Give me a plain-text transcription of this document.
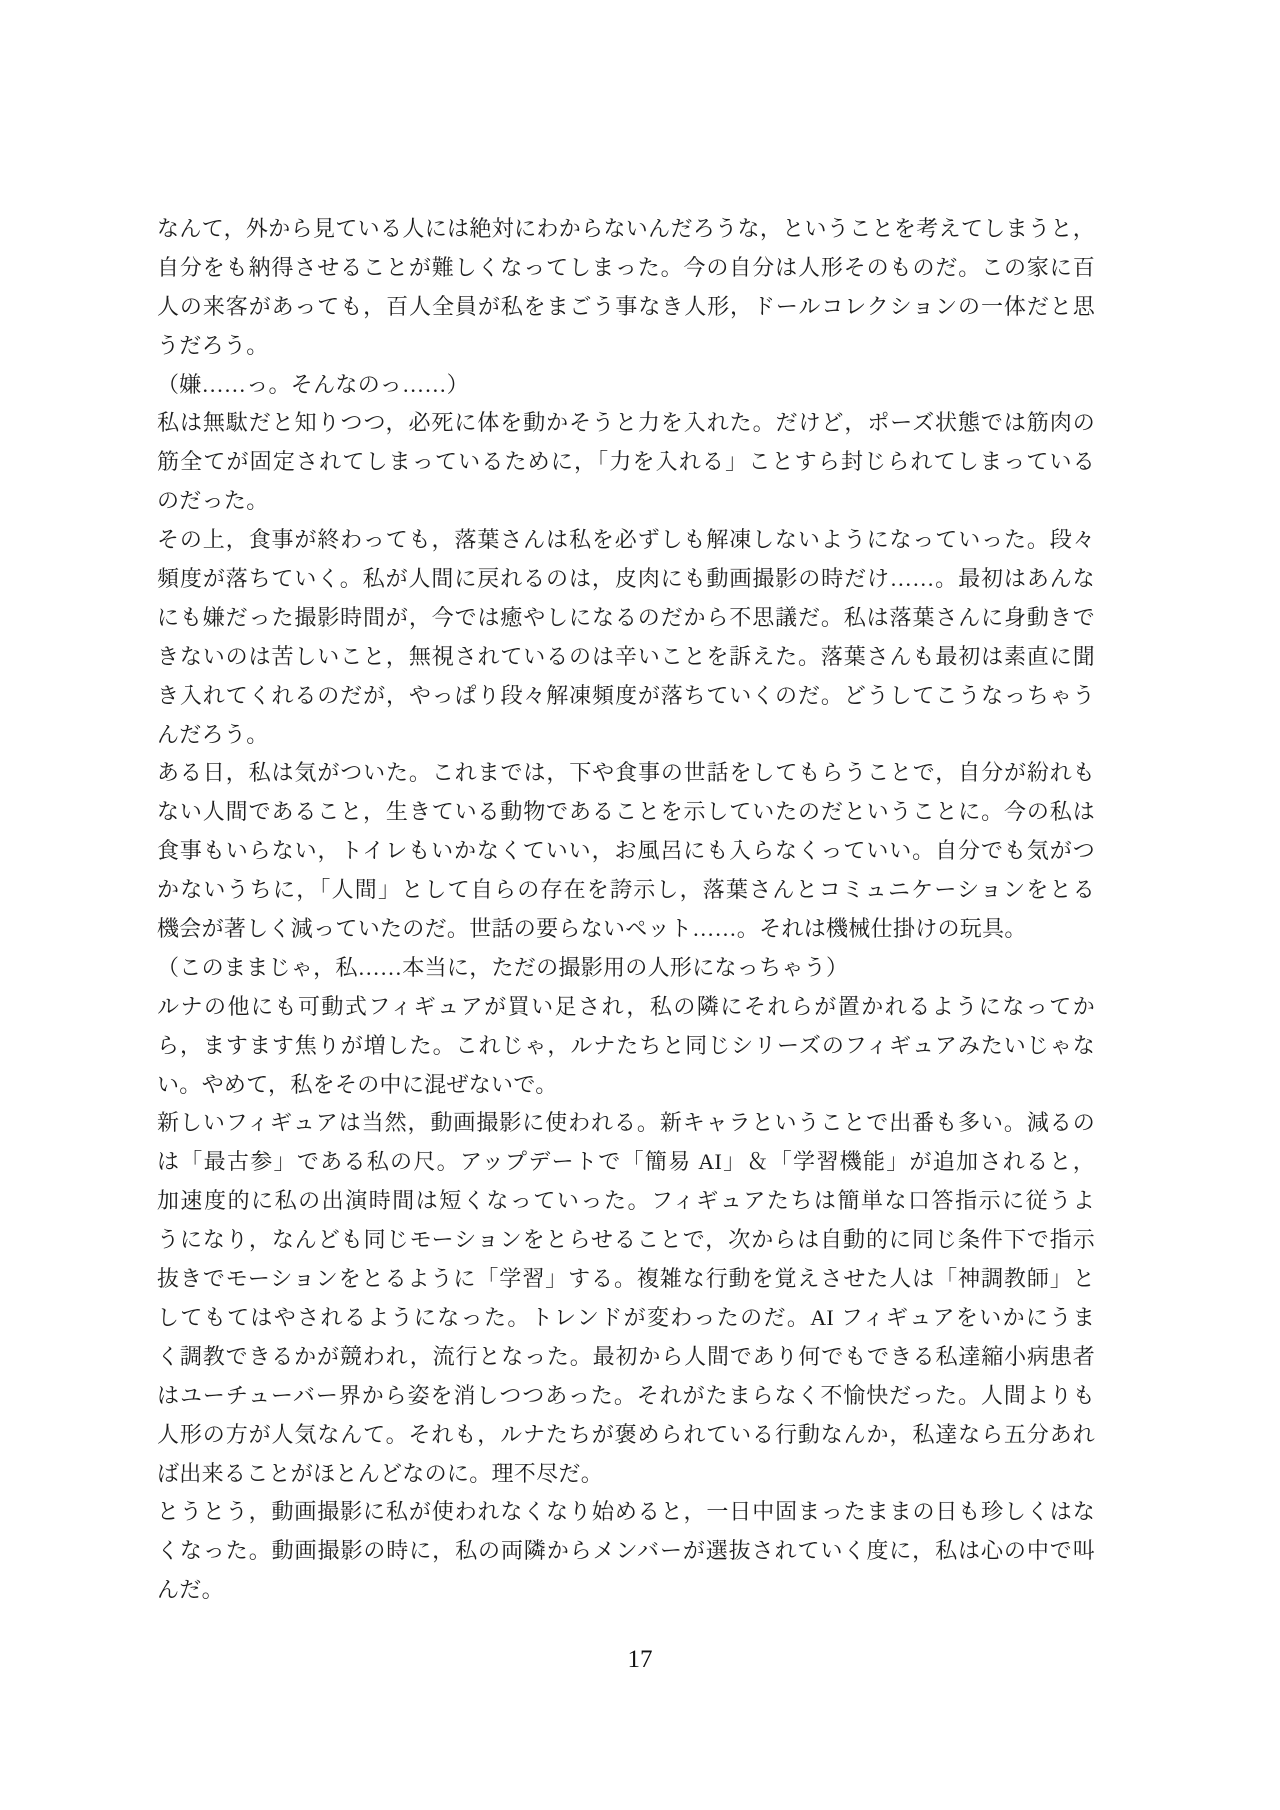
なんて，外から見ている人には絶対にわからないんだろうな，ということを考えてしまうと，
自分をも納得させることが難しくなってしまった。今の自分は人形そのものだ。この家に百
人の来客があっても，百人全員が私をまごう事なき人形，ドールコレクションの一体だと思
うだろう。
（嫌……っ。そんなのっ……）
私は無駄だと知りつつ，必死に体を動かそうと力を入れた。だけど，ポーズ状態では筋肉の
筋全てが固定されてしまっているために，「力を入れる」ことすら封じられてしまっている
のだった。
その上，食事が終わっても，落葉さんは私を必ずしも解凍しないようになっていった。段々
頻度が落ちていく。私が人間に戻れるのは，皮肉にも動画撮影の時だけ……。最初はあんな
にも嫌だった撮影時間が，今では癒やしになるのだから不思議だ。私は落葉さんに身動きで
きないのは苦しいこと，無視されているのは辛いことを訴えた。落葉さんも最初は素直に聞
き入れてくれるのだが，やっぱり段々解凍頻度が落ちていくのだ。どうしてこうなっちゃう
んだろう。
ある日，私は気がついた。これまでは，下や食事の世話をしてもらうことで，自分が紛れも
ない人間であること，生きている動物であることを示していたのだということに。今の私は
食事もいらない，トイレもいかなくていい，お風呂にも入らなくっていい。自分でも気がつ
かないうちに，「人間」として自らの存在を誇示し，落葉さんとコミュニケーションをとる
機会が著しく減っていたのだ。世話の要らないペット……。それは機械仕掛けの玩具。
（このままじゃ，私……本当に，ただの撮影用の人形になっちゃう）
ルナの他にも可動式フィギュアが買い足され，私の隣にそれらが置かれるようになってか
ら，ますます焦りが増した。これじゃ，ルナたちと同じシリーズのフィギュアみたいじゃな
い。やめて，私をその中に混ぜないで。
新しいフィギュアは当然，動画撮影に使われる。新キャラということで出番も多い。減るの
は「最古参」である私の尺。アップデートで「簡易 AI」＆「学習機能」が追加されると，
加速度的に私の出演時間は短くなっていった。フィギュアたちは簡単な口答指示に従うよ
うになり，なんども同じモーションをとらせることで，次からは自動的に同じ条件下で指示
抜きでモーションをとるように「学習」する。複雑な行動を覚えさせた人は「神調教師」と
してもてはやされるようになった。トレンドが変わったのだ。AI フィギュアをいかにうま
く調教できるかが競われ，流行となった。最初から人間であり何でもできる私達縮小病患者
はユーチューバー界から姿を消しつつあった。それがたまらなく不愉快だった。人間よりも
人形の方が人気なんて。それも，ルナたちが褒められている行動なんか，私達なら五分あれ
ば出来ることがほとんどなのに。理不尽だ。
とうとう，動画撮影に私が使われなくなり始めると，一日中固まったままの日も珍しくはな
くなった。動画撮影の時に，私の両隣からメンバーが選抜されていく度に，私は心の中で叫
んだ。
17
